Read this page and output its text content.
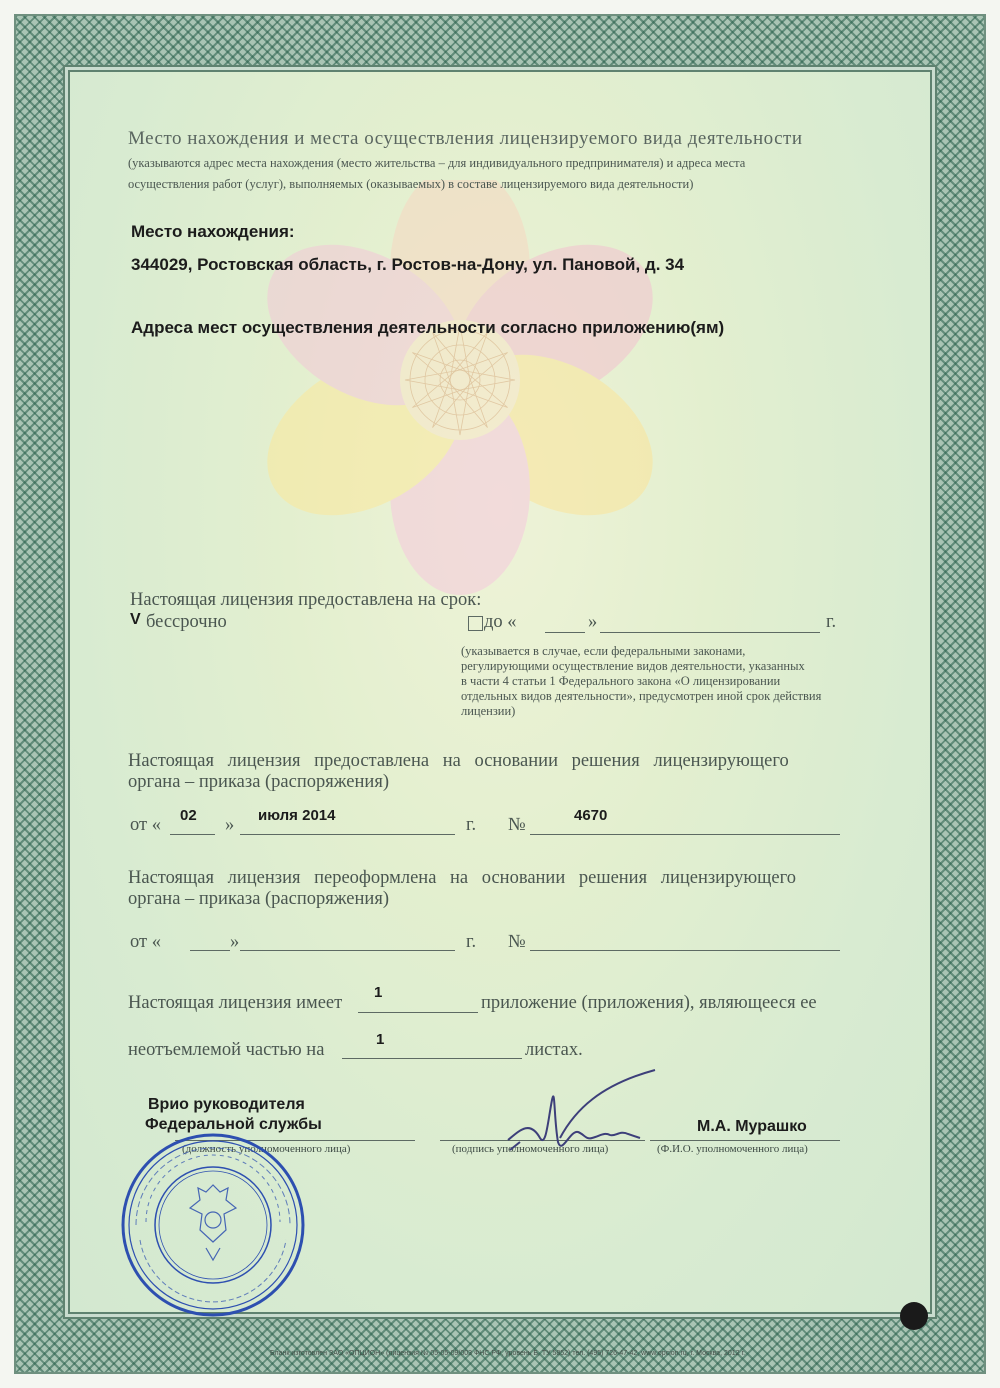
Место нахождения и места осуществления лицензируемого вида деятельности
(указываются адрес места нахождения (место жительства – для индивидуального предпринимателя) и адреса места
осуществления работ (услуг), выполняемых (оказываемых) в составе лицензируемого вида деятельности)
Место нахождения:
344029, Ростовская область, г. Ростов-на-Дону, ул. Пановой, д. 34
Адреса мест осуществления деятельности согласно приложению(ям)
Настоящая лицензия предоставлена на срок:
V бессрочно	до «	»	г.
(указывается в случае, если федеральными законами,
регулирующими осуществление видов деятельности, указанных
в части 4 статьи 1 Федерального закона «О лицензировании
отдельных видов деятельности», предусмотрен иной срок действия
лицензии)
Настоящая лицензия предоставлена на основании решения лицензирующего
органа – приказа (распоряжения)
от « 02 » июля 2014	г. №	4670
Настоящая лицензия переоформлена на основании решения лицензирующего
органа – приказа (распоряжения)
от «	»	г. №
Настоящая лицензия имеет
1
приложение (приложения), являющееся ее
неотъемлемой частью на
1
листах.
Врио руководителя
Федеральной службы
(должность уполномоченного лица)	(подпись уполномоченного лица)
М.А. Мурашко
(Ф.И.О. уполномоченного лица)
Бланк изготовлен ЗАО «ОПЦИОН» (лицензия № 05-05-09/003 ФНС РФ, уровень Б, ТУ 5852) тел. (495) 726-47-42, www.opcion.ru, г. Москва, 2012 г.
